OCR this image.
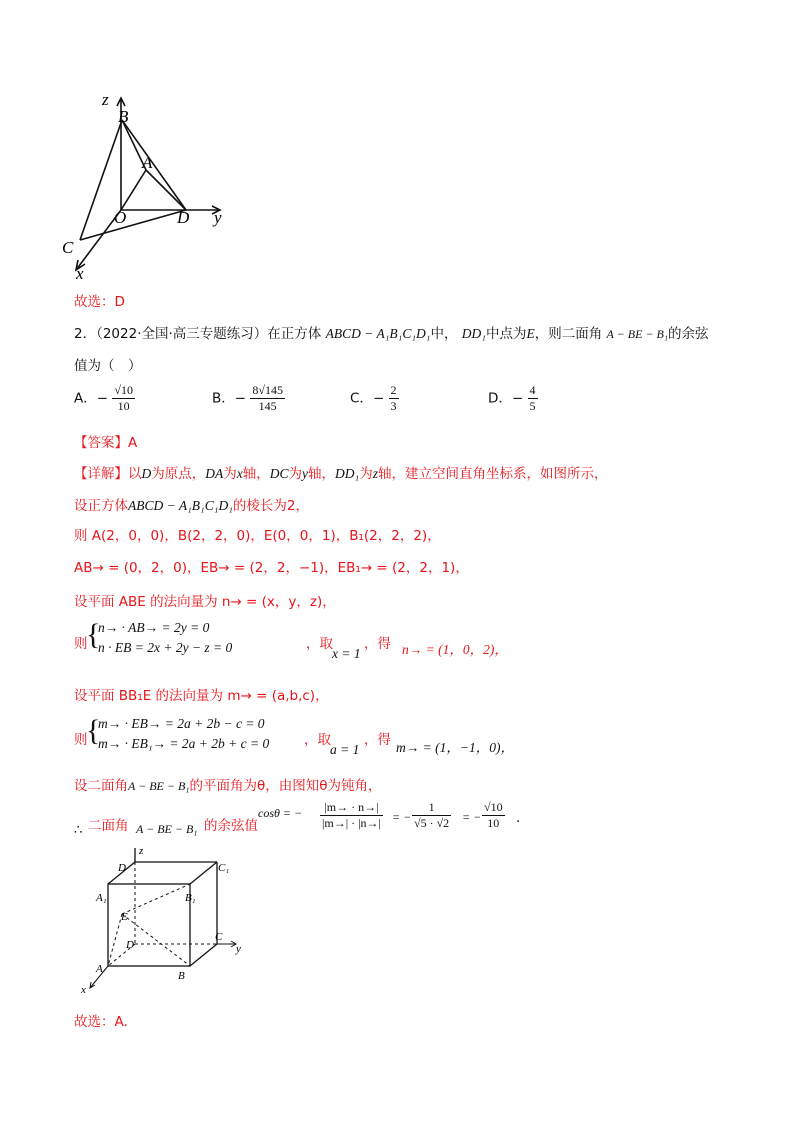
z
B
A
O	D y
C
x
故选：D
2．（2022·全国·高三专题练习）在正方体 ABCD − A₁B₁C₁D₁中， DD₁中点为E，则二面角 A − BE − B₁的余弦
值为（　）
A．− $\frac{√10}{10}$	B．− $\frac{8√145}{145}$	C．− $\frac{2}{3}$	D．− $\frac{4}{5}$
【答案】A
【详解】以D为原点，DA为x轴，DC为y轴，DD₁为z轴，建立空间直角坐标系，如图所示，
设正方体ABCD − A₁B₁C₁D₁的棱长为2，
则 A(2，0，0)，B(2，2，0)，E(0，0，1)，B₁(2，2，2)，
AB→ = (0，2，0)，EB→ = (2，2，−1)，EB₁→ = (2，2，1)，
设平面 ABE 的法向量为 n→ = (x，y，z)，
则
{
n→ · AB→ = 2y = 0
n · EB = 2x + 2y − z = 0	，取
x = 1
，得 n→ = (1，0，2)，
设平面 BB₁E 的法向量为 m→ = (a,b,c)，
则
{
m→ · EB→ = 2a + 2b − c = 0
m→ · EB₁→ = 2a + 2b + c = 0	，取
a = 1
，得 m→ = (1，−1，0)，
设二面角A − BE − B₁的平面角为θ，由图知θ为钝角，
∴ 二面角 A − BE − B₁ 的余弦值
cosθ = − $\frac{|m\to \cdot n\to|}{|m\to| \cdot |n\to|}$ = − $\frac{1}{√5 \cdot √2}$ = − $\frac{√10}{10}$ .
D
z
C₁
A₁	B₁
E
D
C
y
A
B
x
故选：A．
